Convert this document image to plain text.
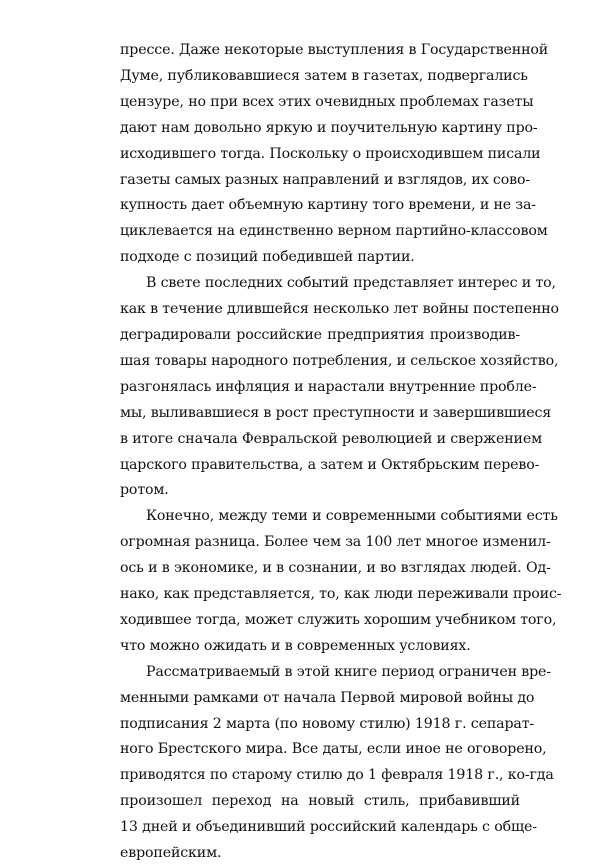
прессе. Даже некоторые выступления в Государственной
Думе, публиковавшиеся затем в газетах, подвергались
цензуре, но при всех этих очевидных проблемах газеты
дают нам довольно яркую и поучительную картину про-
исходившего тогда. Поскольку о происходившем писали
газеты самых разных направлений и взглядов, их сово-
купность дает объемную картину того времени, и не за-
циклевается на единственно верном партийно-классовом
подходе с позиций победившей партии.

В свете последних событий представляет интерес и то,
как в течение длившейся несколько лет войны постепенно
деградировали российские предприятия производив-
шая товары народного потребления, и сельское хозяйство,
разгонялась инфляция и нарастали внутренние пробле-
мы, выливавшиеся в рост преступности и завершившиеся
в итоге сначала Февральской революцией и свержением
царского правительства, а затем и Октябрьским перево-
ротом.

Конечно, между теми и современными событиями есть
огромная разница. Более чем за 100 лет многое изменил-
ось и в экономике, и в сознании, и во взглядах людей. Од-
нако, как представляется, то, как люди переживали проис-
ходившее тогда, может служить хорошим учебником того,
что можно ожидать и в современных условиях.

Рассматриваемый в этой книге период ограничен вре-
менными рамками от начала Первой мировой войны до
подписания 2 марта (по новому стилю) 1918 г. сепарат-
ного Брестского мира. Все даты, если иное не оговорено,
приводятся по старому стилю до 1 февраля 1918 г., ко-гда
произошел переход на новый стиль, прибавивший
13 дней и объединивший российский календарь с обще-
европейским.
